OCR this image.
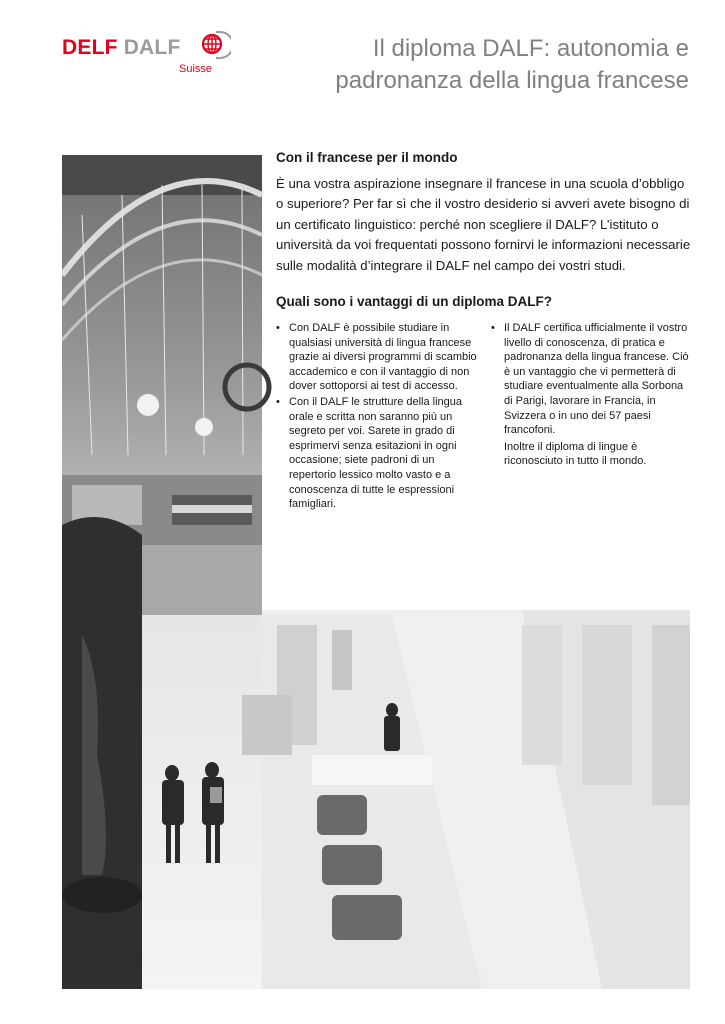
DELF DALF
Suisse
Il diploma DALF: autonomia e padronanza della lingua francese
Con il francese per il mondo

È una vostra aspirazione insegnare il francese in una scuola d’obbligo o superiore? Per far sì che il vostro desiderio si avveri avete bisogno di un certificato linguistico: perché non scegliere il DALF? L’istituto o università da voi frequentati possono fornirvi le informazioni necessarie sulle modalità d’integrare il DALF nel campo dei vostri studi.

Quali sono i vantaggi di un diploma DALF?
• Con DALF è possibile studiare in qualsiasi università di lingua francese grazie ai diversi programmi di scambio accademico e con il vantaggio di non dover sottoporsi ai test di accesso.
• Con il DALF le strutture della lingua orale e scritta non saranno più un segreto per voi. Sarete in grado di esprimervi senza esitazioni in ogni occasione; siete padroni di un repertorio lessico molto vasto e a conoscenza di tutte le espressioni famigliari.
• Il DALF certifica ufficialmente il vostro livello di conoscenza, di pratica e padronanza della lingua francese. Ciò è un vantaggio che vi permetterà di studiare eventualmente alla Sorbona di Parigi, lavorare in Francia, in Svizzera o in uno dei 57 paesi francofoni.

Inoltre il diploma di lingue è riconosciuto in tutto il mondo.
